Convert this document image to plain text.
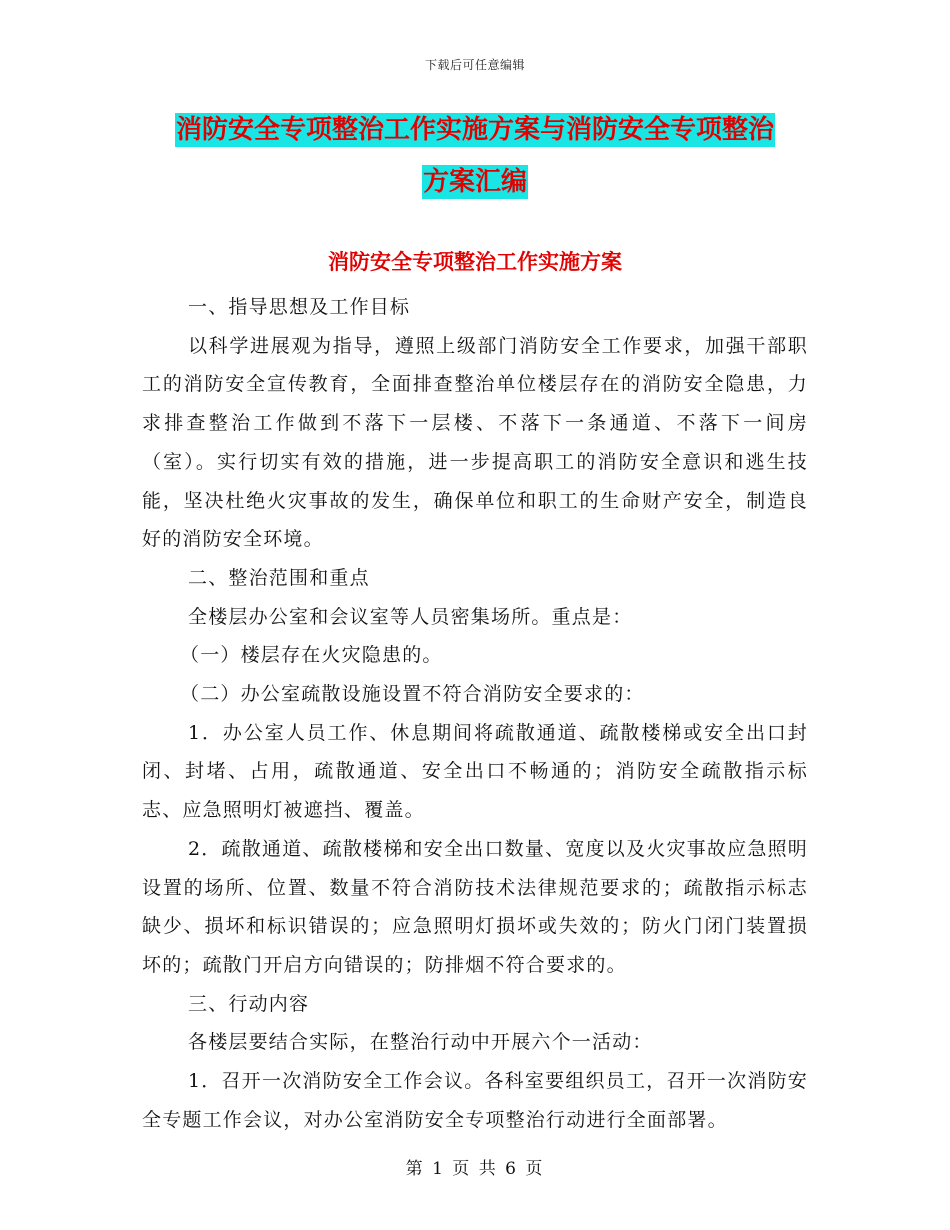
下载后可任意编辑
消防安全专项整治工作实施方案与消防安全专项整治
方案汇编
消防安全专项整治工作实施方案

一、指导思想及工作目标

以科学进展观为指导，遵照上级部门消防安全工作要求，加强干部职工的消防安全宣传教育，全面排查整治单位楼层存在的消防安全隐患，力求排查整治工作做到不落下一层楼、不落下一条通道、不落下一间房（室）。实行切实有效的措施，进一步提高职工的消防安全意识和逃生技能，坚决杜绝火灾事故的发生，确保单位和职工的生命财产安全，制造良好的消防安全环境。

二、整治范围和重点

全楼层办公室和会议室等人员密集场所。重点是：

（一）楼层存在火灾隐患的。

（二）办公室疏散设施设置不符合消防安全要求的：

1．办公室人员工作、休息期间将疏散通道、疏散楼梯或安全出口封闭、封堵、占用，疏散通道、安全出口不畅通的；消防安全疏散指示标志、应急照明灯被遮挡、覆盖。

2．疏散通道、疏散楼梯和安全出口数量、宽度以及火灾事故应急照明设置的场所、位置、数量不符合消防技术法律规范要求的；疏散指示标志缺少、损坏和标识错误的；应急照明灯损坏或失效的；防火门闭门装置损坏的；疏散门开启方向错误的；防排烟不符合要求的。

三、行动内容

各楼层要结合实际，在整治行动中开展六个一活动：

1．召开一次消防安全工作会议。各科室要组织员工，召开一次消防安全专题工作会议，对办公室消防安全专项整治行动进行全面部署。

第 1 页 共 6 页
